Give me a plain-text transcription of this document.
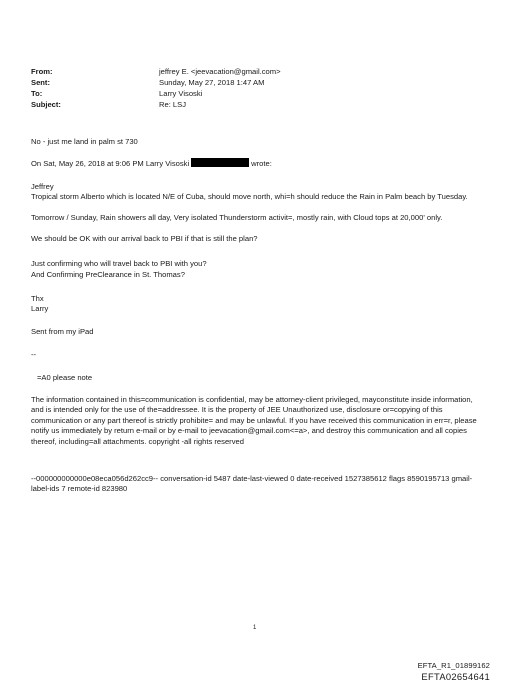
From:	jeffrey E. <jeevacation@gmail.com>
Sent:	Sunday, May 27, 2018 1:47 AM
To:	Larry Visoski
Subject:	Re: LSJ

No - just me land in palm st 730

On Sat, May 26, 2018 at 9:06 PM Larry Visoski	wrote:

Jeffrey

Tropical storm Alberto which is located N/E of Cuba, should move north, whi=h should reduce the Rain in Palm beach by Tuesday.

Tomorrow / Sunday, Rain showers all day, Very isolated Thunderstorm activit=, mostly rain, with Cloud tops at 20,000' only.

We should be OK with our arrival back to PBI if that is still the plan?

Just confirming who will travel back to PBI with you?

And Confirming PreClearance in St. Thomas?

Thx

Larry

Sent from my iPad

--

=A0 please note

The information contained in this=communication is confidential, may be attorney-client privileged, mayconstitute inside information, and is intended only for the use of the=addressee. It is the property of JEE Unauthorized use, disclosure or=copying of this communication or any part thereof is strictly prohibite= and may be unlawful. If you have received this communication in err=r, please notify us immediately by return e-mail or by e-mail to jeevacation@gmail.com<=a>, and destroy this communication and all copies thereof, including=all attachments. copyright -all rights reserved

--000000000000e08eca056d262cc9-- conversation-id 5487 date-last-viewed 0 date-received 1527385612 flags 8590195713 gmail-label-ids 7 remote-id 823980

1
EFTA_R1_01899162
EFTA02654641
